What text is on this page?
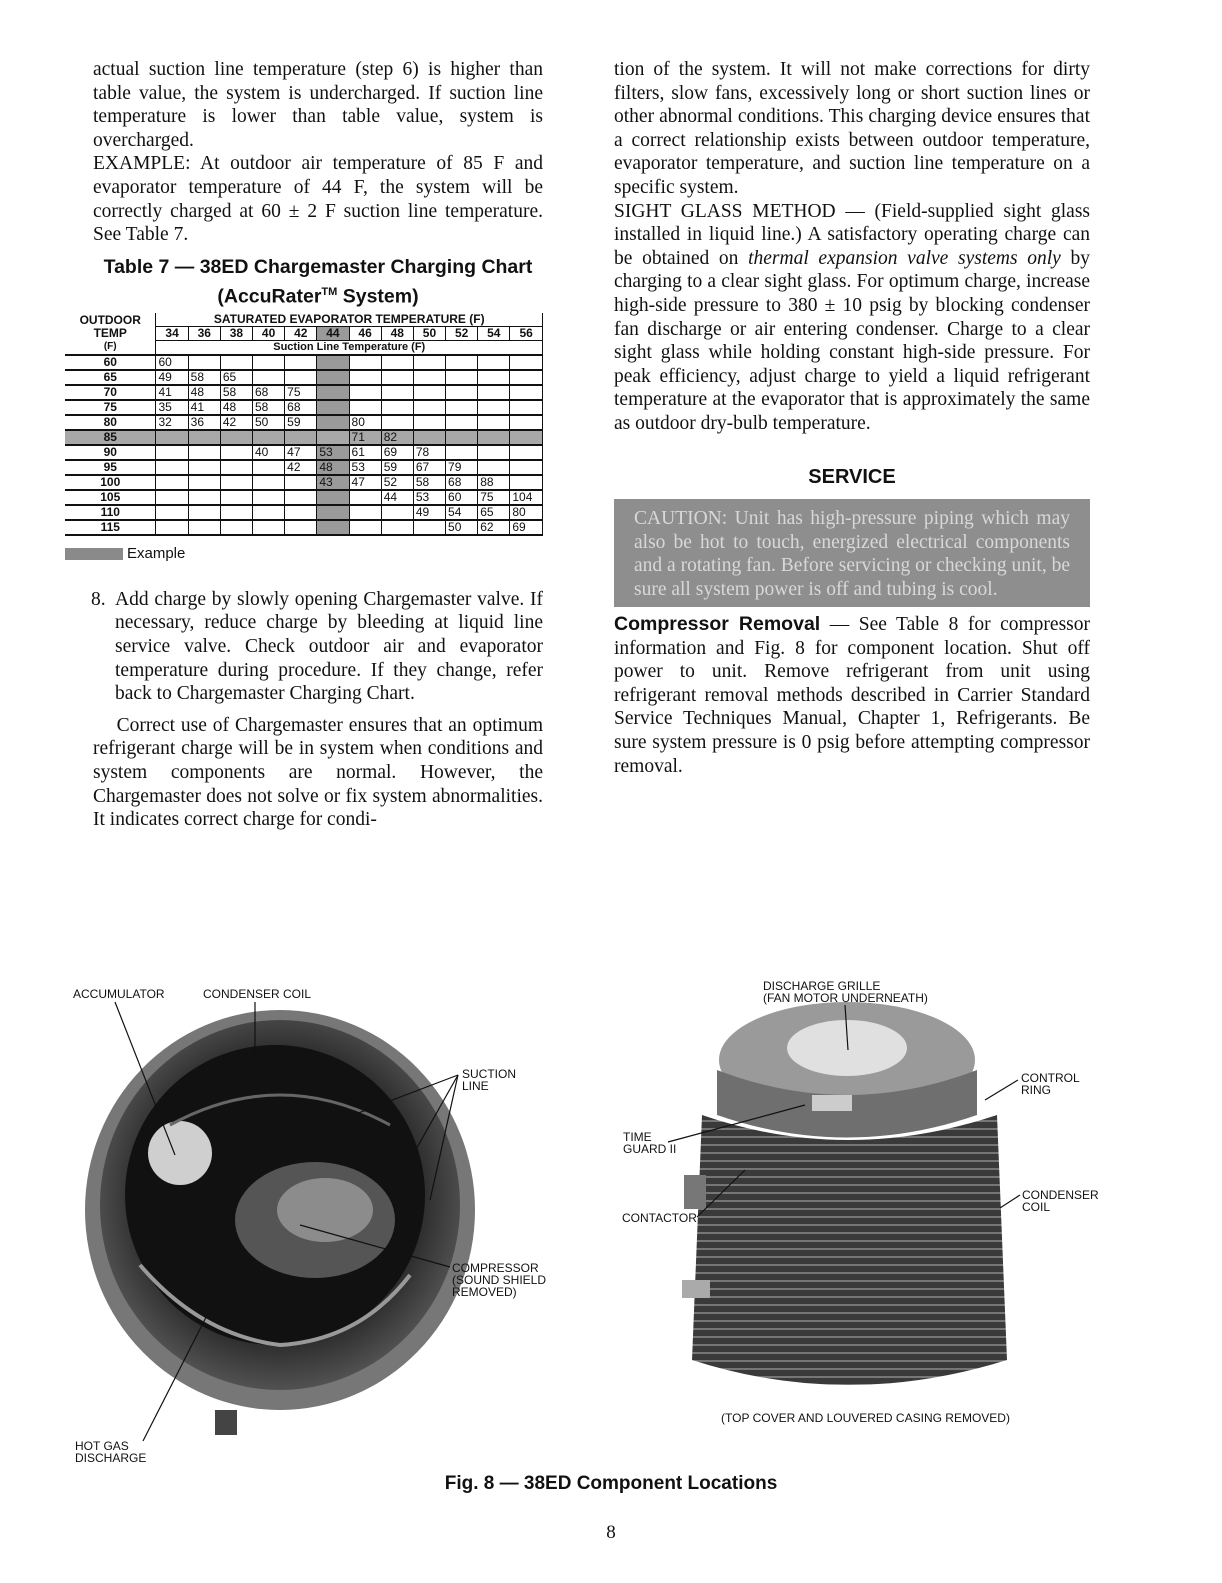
actual suction line temperature (step 6) is higher than table value, the system is undercharged. If suction line temperature is lower than table value, system is overcharged.

EXAMPLE: At outdoor air temperature of 85 F and evaporator temperature of 44 F, the system will be correctly charged at 60 ± 2 F suction line temperature. See Table 7.

Table 7 — 38ED Chargemaster Charging Chart
(AccuRater™ System)
OUTDOOR
TEMP
(F)	SATURATED EVAPORATOR TEMPERATURE (F)											
	34	36	38	40	42	44	46	48	50	52	54	56
	Suction Line Temperature (F)											
60	60											
65	49	58	65									
70	41	48	58	68	75							
75	35	41	48	58	68							
80	32	36	42	50	59		80					
85							71	82				
90				40	47	53	61	69	78			
95					42	48	53	59	67	79		
100						43	47	52	58	68	88	
105								44	53	60	75	104
110									49	54	65	80
115										50	62	69
Example
8. Add charge by slowly opening Chargemaster valve. If necessary, reduce charge by bleeding at liquid line service valve. Check outdoor air and evaporator temperature during procedure. If they change, refer back to Chargemaster Charging Chart.

Correct use of Chargemaster ensures that an optimum refrigerant charge will be in system when conditions and system components are normal. However, the Chargemaster does not solve or fix system abnormalities. It indicates correct charge for condi-

tion of the system. It will not make corrections for dirty filters, slow fans, excessively long or short suction lines or other abnormal conditions. This charging device ensures that a correct relationship exists between outdoor temperature, evaporator temperature, and suction line temperature on a specific system.

SIGHT GLASS METHOD — (Field-supplied sight glass installed in liquid line.) A satisfactory operating charge can be obtained on thermal expansion valve systems only by charging to a clear sight glass. For optimum charge, increase high-side pressure to 380 ± 10 psig by blocking condenser fan discharge or air entering condenser. Charge to a clear sight glass while holding constant high-side pressure. For peak efficiency, adjust charge to yield a liquid refrigerant temperature at the evaporator that is approximately the same as outdoor dry-bulb temperature.

SERVICE

CAUTION: Unit has high-pressure piping which may also be hot to touch, energized electrical components and a rotating fan. Before servicing or checking unit, be sure all system power is off and tubing is cool.

Compressor Removal — See Table 8 for compressor information and Fig. 8 for component location. Shut off power to unit. Remove refrigerant from unit using refrigerant removal methods described in Carrier Standard Service Techniques Manual, Chapter 1, Refrigerants. Be sure system pressure is 0 psig before attempting compressor removal.

ACCUMULATOR	CONDENSER COIL
SUCTION
LINE
COMPRESSOR
(SOUND SHIELD
REMOVED)
HOT GAS
DISCHARGE
DISCHARGE GRILLE
(FAN MOTOR UNDERNEATH)
CONTROL
RING
TIME
GUARD II
CONTACTOR
CONDENSER
COIL
(TOP COVER AND LOUVERED CASING REMOVED)
Fig. 8 — 38ED Component Locations
8
